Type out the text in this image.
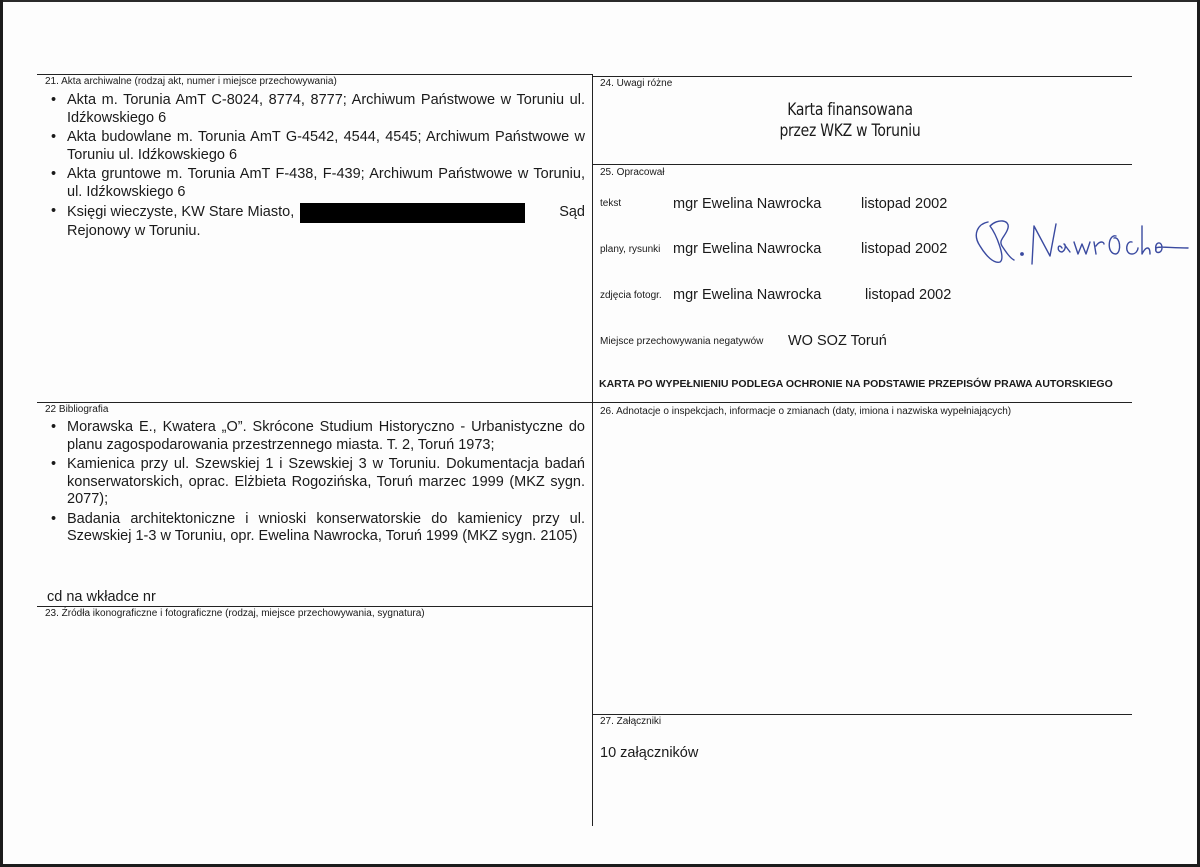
21. Akta archiwalne (rodzaj akt, numer i miejsce przechowywania)
• Akta m. Torunia AmT C-8024, 8774, 8777; Archiwum Państwowe w Toruniu ul. Idźkowskiego 6
• Akta budowlane m. Torunia AmT G-4542, 4544, 4545; Archiwum Państwowe w Toruniu ul. Idźkowskiego 6
• Akta gruntowe m. Torunia AmT F-438, F-439; Archiwum Państwowe w Toruniu, ul. Idźkowskiego 6
• Księgi wieczyste, KW Stare Miasto,	Sąd
Rejonowy w Toruniu.
22 Bibliografia
• Morawska E., Kwatera „O”. Skrócone Studium Historyczno - Urbanistyczne do planu zagospodarowania przestrzennego miasta. T. 2, Toruń 1973;
• Kamienica przy ul. Szewskiej 1 i Szewskiej 3 w Toruniu. Dokumentacja badań konserwatorskich, oprac. Elżbieta Rogozińska, Toruń marzec 1999 (MKZ sygn. 2077);
• Badania architektoniczne i wnioski konserwatorskie do kamienicy przy ul. Szewskiej 1-3 w Toruniu, opr. Ewelina Nawrocka, Toruń 1999 (MKZ sygn. 2105)
cd na wkładce nr
23. Źródła ikonograficzne i fotograficzne (rodzaj, miejsce przechowywania, sygnatura)
24. Uwagi różne
Karta finansowana
przez WKZ w Toruniu
25. Opracował
tekst	mgr Ewelina Nawrocka	listopad 2002
plany, rysunki mgr Ewelina Nawrocka	listopad 2002
zdjęcia fotogr. mgr Ewelina Nawrocka	listopad 2002
Miejsce przechowywania negatywów WO SOZ Toruń
KARTA PO WYPEŁNIENIU PODLEGA OCHRONIE NA PODSTAWIE PRZEPISÓW PRAWA AUTORSKIEGO
26. Adnotacje o inspekcjach, informacje o zmianach (daty, imiona i nazwiska wypełniających)
27. Załączniki
10 załączników
